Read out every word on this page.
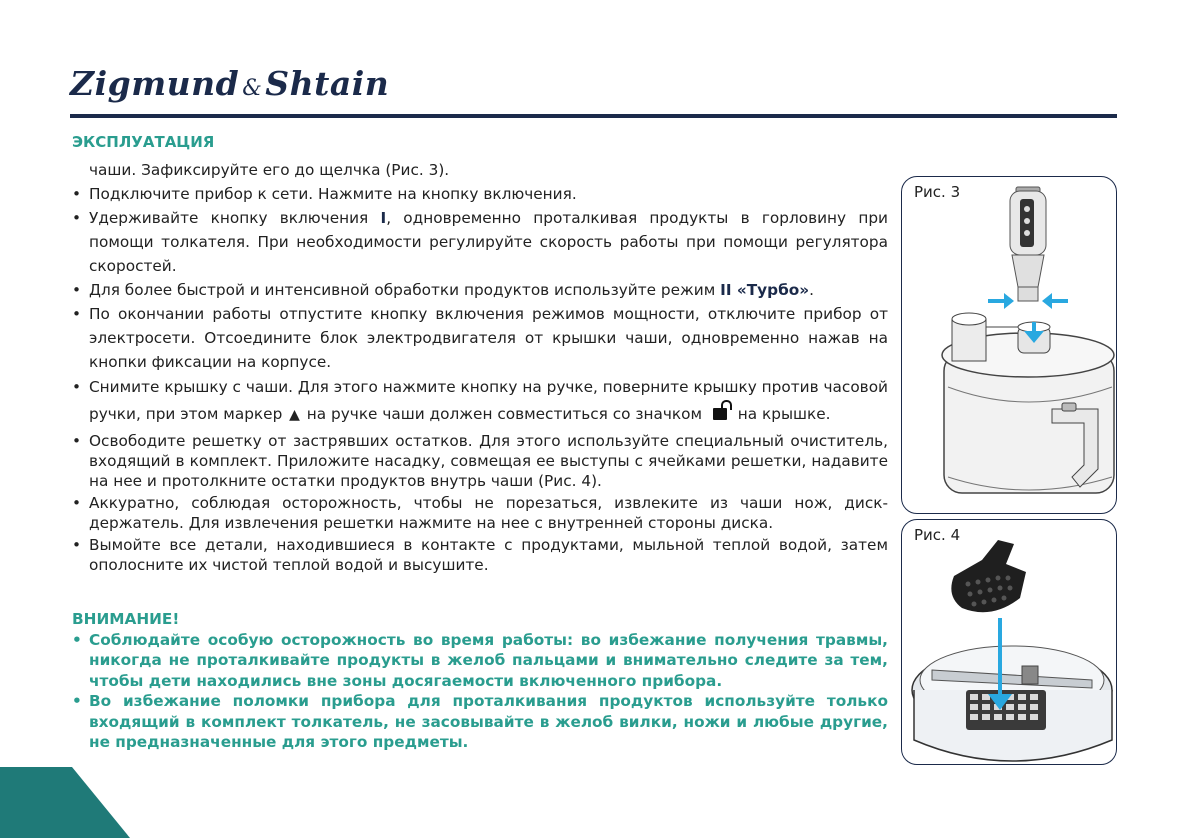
Zigmund &Shtain
ЭКСПЛУАТАЦИЯ
чаши. Зафиксируйте его до щелчка (Рис. 3).
• Подключите прибор к сети. Нажмите на кнопку включения.
• Удерживайте кнопку включения I, одновременно проталкивая продукты в горловину при помощи толкателя. При необходимости регулируйте скорость работы при помощи регулятора скоростей.
• Для более быстрой и интенсивной обработки продуктов используйте режим II «Турбо».
• По окончании работы отпустите кнопку включения режимов мощности, отключите прибор от электросети. Отсоедините блок электродвигателя от крышки чаши, одновременно нажав на кнопки фиксации на корпусе.
• Снимите крышку с чаши. Для этого нажмите кнопку на ручке, поверните крышку против часовой ручки, при этом маркер ▲ на ручке чаши должен совместиться со значком  на крышке.
• Освободите решетку от застрявших остатков. Для этого используйте специальный очиститель, входящий в комплект. Приложите насадку, совмещая ее выступы с ячейками решетки, надавите на нее и протолкните остатки продуктов внутрь чаши (Рис. 4).
• Аккуратно, соблюдая осторожность, чтобы не порезаться, извлеките из чаши нож, диск-держатель. Для извлечения решетки нажмите на нее с внутренней стороны диска.
• Вымойте все детали, находившиеся в контакте с продуктами, мыльной теплой водой, затем ополосните их чистой теплой водой и высушите.
ВНИМАНИЕ!
• Соблюдайте особую осторожность во время работы: во избежание получения травмы, никогда не проталкивайте продукты в желоб пальцами и внимательно следите за тем, чтобы дети находились вне зоны досягаемости включенного прибора.
• Во избежание поломки прибора для проталкивания продуктов используйте только входящий в комплект толкатель, не засовывайте в желоб вилки, ножи и любые другие, не предназначенные для этого предметы.
Рис. 3
Рис. 4
